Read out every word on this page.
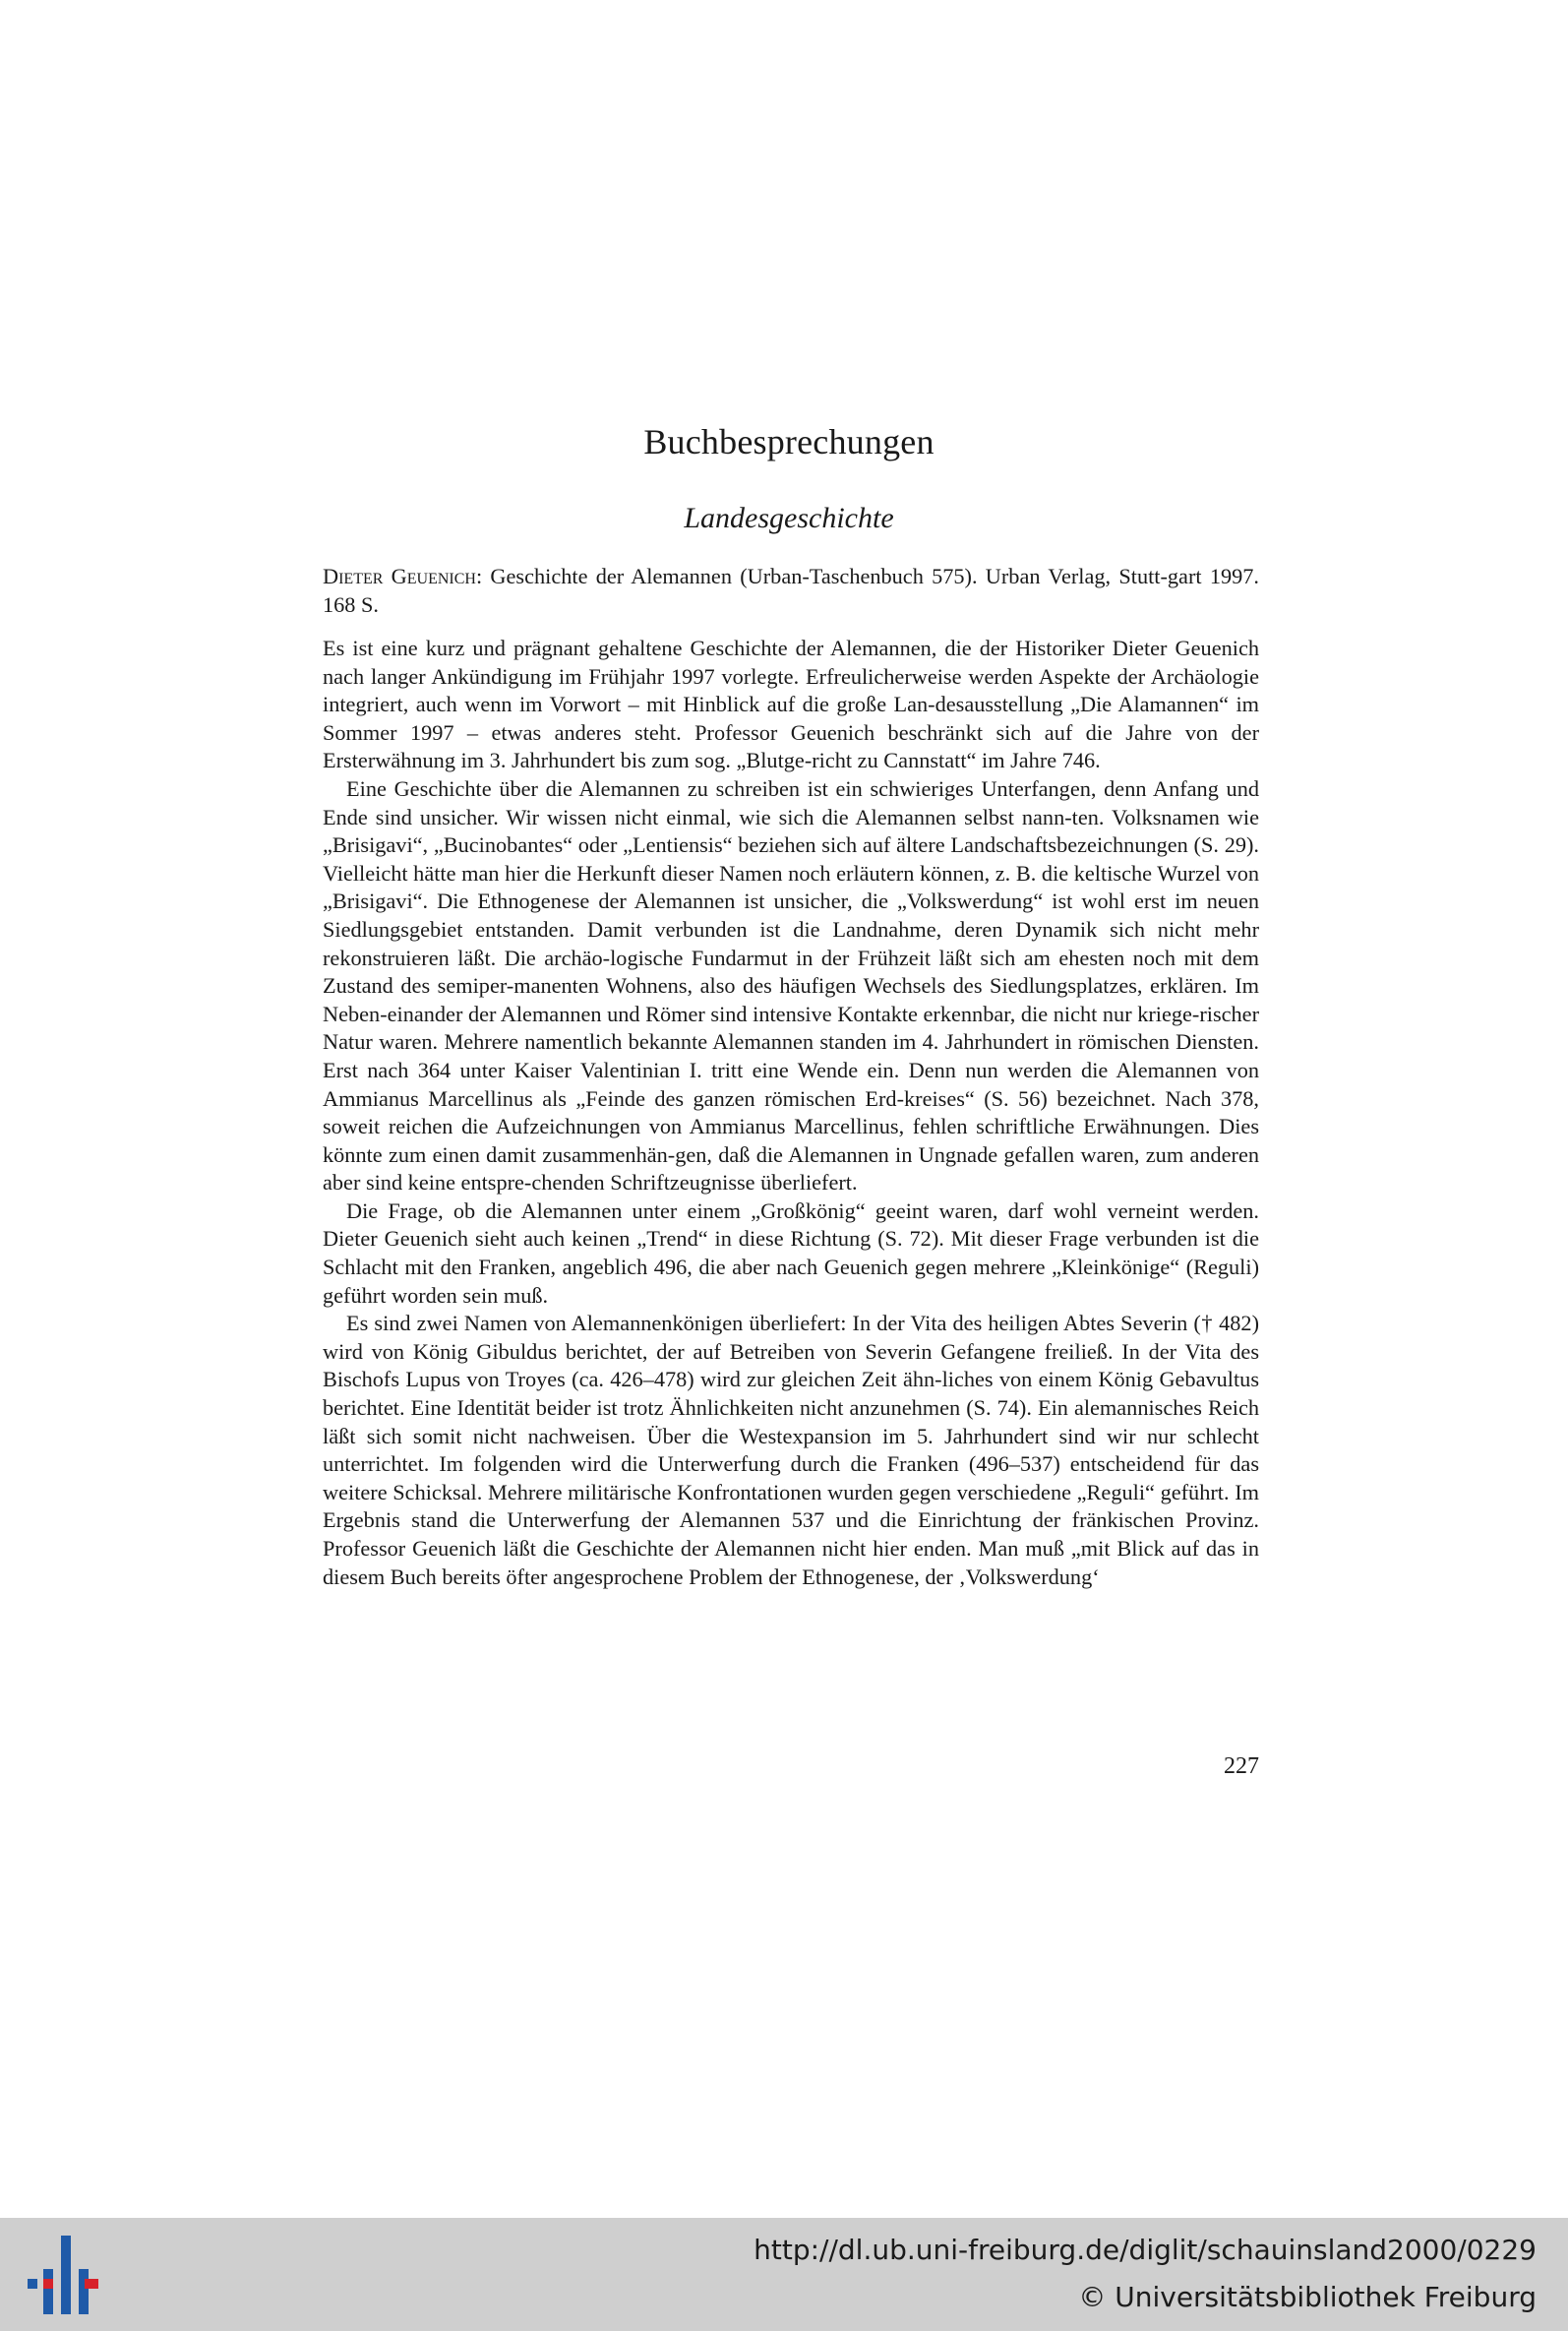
Buchbesprechungen
Landesgeschichte
Dieter Geuenich: Geschichte der Alemannen (Urban-Taschenbuch 575). Urban Verlag, Stutt-gart 1997. 168 S.

Es ist eine kurz und prägnant gehaltene Geschichte der Alemannen, die der Historiker Dieter Geuenich nach langer Ankündigung im Frühjahr 1997 vorlegte. Erfreulicherweise werden Aspekte der Archäologie integriert, auch wenn im Vorwort – mit Hinblick auf die große Lan-desausstellung „Die Alamannen“ im Sommer 1997 – etwas anderes steht. Professor Geuenich beschränkt sich auf die Jahre von der Ersterwähnung im 3. Jahrhundert bis zum sog. „Blutge-richt zu Cannstatt“ im Jahre 746.

Eine Geschichte über die Alemannen zu schreiben ist ein schwieriges Unterfangen, denn Anfang und Ende sind unsicher. Wir wissen nicht einmal, wie sich die Alemannen selbst nann-ten. Volksnamen wie „Brisigavi“, „Bucinobantes“ oder „Lentiensis“ beziehen sich auf ältere Landschaftsbezeichnungen (S. 29). Vielleicht hätte man hier die Herkunft dieser Namen noch erläutern können, z. B. die keltische Wurzel von „Brisigavi“. Die Ethnogenese der Alemannen ist unsicher, die „Volkswerdung“ ist wohl erst im neuen Siedlungsgebiet entstanden. Damit verbunden ist die Landnahme, deren Dynamik sich nicht mehr rekonstruieren läßt. Die archäo-logische Fundarmut in der Frühzeit läßt sich am ehesten noch mit dem Zustand des semiper-manenten Wohnens, also des häufigen Wechsels des Siedlungsplatzes, erklären. Im Neben-einander der Alemannen und Römer sind intensive Kontakte erkennbar, die nicht nur kriege-rischer Natur waren. Mehrere namentlich bekannte Alemannen standen im 4. Jahrhundert in römischen Diensten. Erst nach 364 unter Kaiser Valentinian I. tritt eine Wende ein. Denn nun werden die Alemannen von Ammianus Marcellinus als „Feinde des ganzen römischen Erd-kreises“ (S. 56) bezeichnet. Nach 378, soweit reichen die Aufzeichnungen von Ammianus Marcellinus, fehlen schriftliche Erwähnungen. Dies könnte zum einen damit zusammenhän-gen, daß die Alemannen in Ungnade gefallen waren, zum anderen aber sind keine entspre-chenden Schriftzeugnisse überliefert.

Die Frage, ob die Alemannen unter einem „Großkönig“ geeint waren, darf wohl verneint werden. Dieter Geuenich sieht auch keinen „Trend“ in diese Richtung (S. 72). Mit dieser Frage verbunden ist die Schlacht mit den Franken, angeblich 496, die aber nach Geuenich gegen mehrere „Kleinkönige“ (Reguli) geführt worden sein muß.

Es sind zwei Namen von Alemannenkönigen überliefert: In der Vita des heiligen Abtes Severin († 482) wird von König Gibuldus berichtet, der auf Betreiben von Severin Gefangene freiließ. In der Vita des Bischofs Lupus von Troyes (ca. 426–478) wird zur gleichen Zeit ähn-liches von einem König Gebavultus berichtet. Eine Identität beider ist trotz Ähnlichkeiten nicht anzunehmen (S. 74). Ein alemannisches Reich läßt sich somit nicht nachweisen. Über die Westexpansion im 5. Jahrhundert sind wir nur schlecht unterrichtet. Im folgenden wird die Unterwerfung durch die Franken (496–537) entscheidend für das weitere Schicksal. Mehrere militärische Konfrontationen wurden gegen verschiedene „Reguli“ geführt. Im Ergebnis stand die Unterwerfung der Alemannen 537 und die Einrichtung der fränkischen Provinz. Professor Geuenich läßt die Geschichte der Alemannen nicht hier enden. Man muß „mit Blick auf das in diesem Buch bereits öfter angesprochene Problem der Ethnogenese, der ‚Volkswerdung‘

227
http://dl.ub.uni-freiburg.de/diglit/schauinsland2000/0229
© Universitätsbibliothek Freiburg
